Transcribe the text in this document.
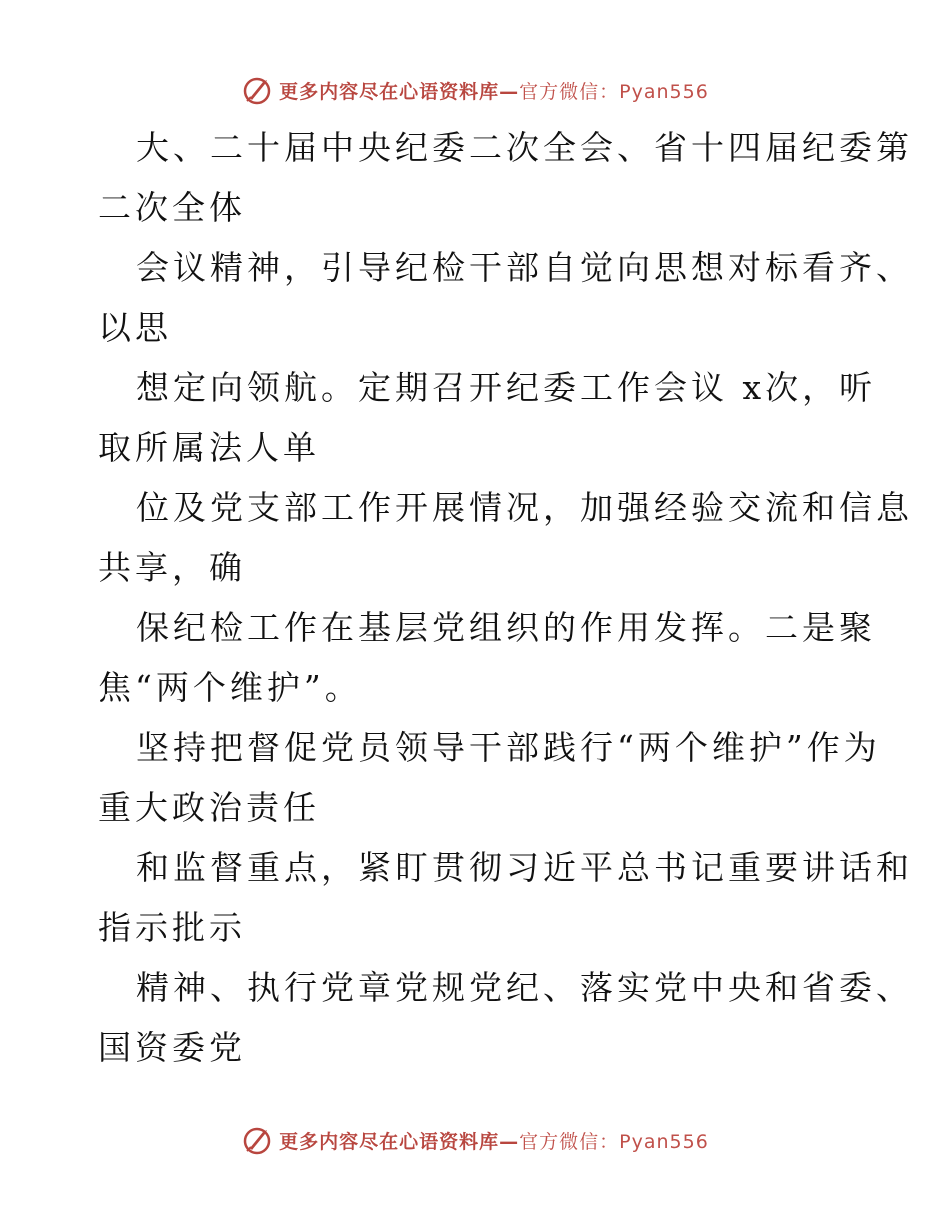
更多内容尽在心语资料库—官方微信：Pyan556
大、二十届中央纪委二次全会、省十四届纪委第
二次全体
会议精神，引导纪检干部自觉向思想对标看齐、
以思
想定向领航。定期召开纪委工作会议 x次，听
取所属法人单
位及党支部工作开展情况，加强经验交流和信息
共享，确
保纪检工作在基层党组织的作用发挥。二是聚
焦“两个维护”。
坚持把督促党员领导干部践行“两个维护”作为
重大政治责任
和监督重点，紧盯贯彻习近平总书记重要讲话和
指示批示
精神、执行党章党规党纪、落实党中央和省委、
国资委党
更多内容尽在心语资料库—官方微信：Pyan556
